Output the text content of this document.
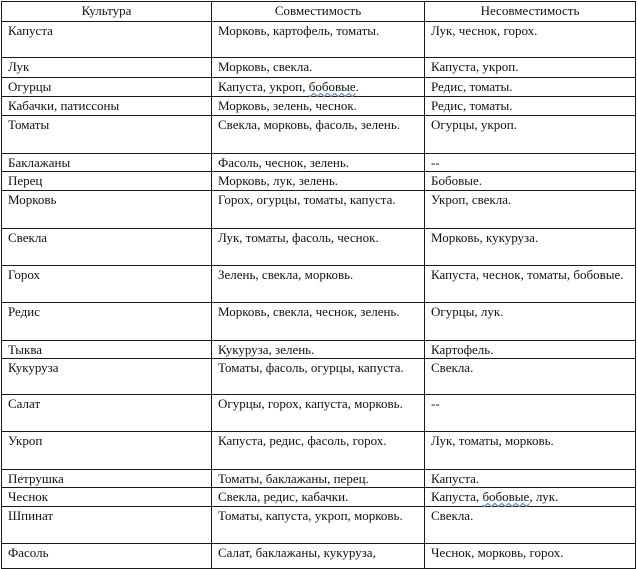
Культура	Совместимость	Несовместимость
Капуста	Морковь, картофель, томаты.	Лук, чеснок, горох.
Лук	Морковь, свекла.	Капуста, укроп.
Огурцы	Капуста, укроп, бобовые.	Редис, томаты.
Кабачки, патиссоны	Морковь, зелень, чеснок.	Редис, томаты.
Томаты	Свекла, морковь, фасоль, зелень.	Огурцы, укроп.
Баклажаны	Фасоль, чеснок, зелень.	--
Перец	Морковь, лук, зелень.	Бобовые.
Морковь	Горох, огурцы, томаты, капуста.	Укроп, свекла.
Свекла	Лук, томаты, фасоль, чеснок.	Морковь, кукуруза.
Горох	Зелень, свекла, морковь.	Капуста, чеснок, томаты, бобовые.
Редис	Морковь, свекла, чеснок, зелень.	Огурцы, лук.
Тыква	Кукуруза, зелень.	Картофель.
Кукуруза	Томаты, фасоль, огурцы, капуста.	Свекла.
Салат	Огурцы, горох, капуста, морковь.	--
Укроп	Капуста, редис, фасоль, горох.	Лук, томаты, морковь.
Петрушка	Томаты, баклажаны, перец.	Капуста.
Чеснок	Свекла, редис, кабачки.	Капуста, бобовые, лук.
Шпинат	Томаты, капуста, укроп, морковь.	Свекла.
Фасоль	Салат, баклажаны, кукуруза,	Чеснок, морковь, горох.
